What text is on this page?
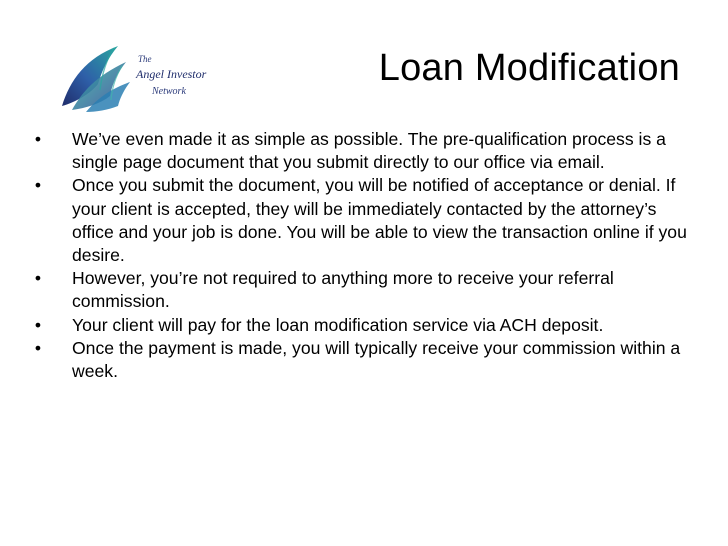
The
Angel Investor
Network
Loan Modification
• We’ve even made it as simple as possible. The pre-qualification process is a single page document that you submit directly to our office via email.
• Once you submit the document, you will be notified of acceptance or denial. If your client is accepted, they will be immediately contacted by the attorney’s office and your job is done. You will be able to view the transaction online if you desire.
• However, you’re not required to anything more to receive your referral commission.
• Your client will pay for the loan modification service via ACH deposit.
• Once the payment is made, you will typically receive your commission within a week.
